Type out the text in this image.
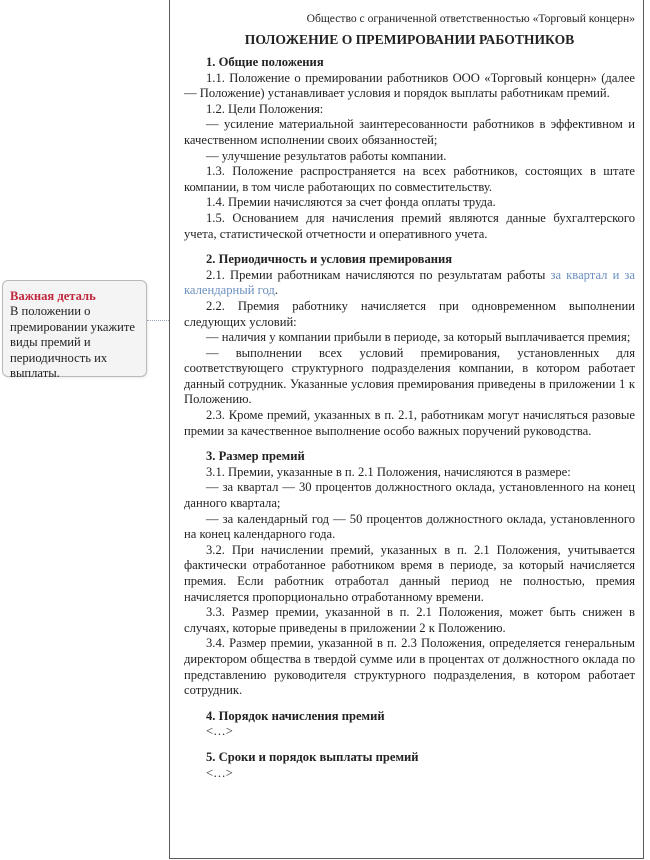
Важная деталь
В положении о премировании укажите виды премий и периодичность их выплаты.
Общество с ограниченной ответственностью «Торговый концерн»
ПОЛОЖЕНИЕ О ПРЕМИРОВАНИИ РАБОТНИКОВ
1. Общие положения

1.1. Положение о премировании работников ООО «Торговый концерн» (далее — Положение) устанавливает условия и порядок выплаты работникам премий.

1.2. Цели Положения:

— усиление материальной заинтересованности работников в эффективном и качественном исполнении своих обязанностей;

— улучшение результатов работы компании.

1.3. Положение распространяется на всех работников, состоящих в штате компании, в том числе работающих по совместительству.

1.4. Премии начисляются за счет фонда оплаты труда.

1.5. Основанием для начисления премий являются данные бухгалтерского учета, статистической отчетности и оперативного учета.

2. Периодичность и условия премирования

2.1. Премии работникам начисляются по результатам работы за квартал и за календарный год.

2.2. Премия работнику начисляется при одновременном выполнении следующих условий:

— наличия у компании прибыли в периоде, за который выплачивается премия;

— выполнении всех условий премирования, установленных для соответствующего структурного подразделения компании, в котором работает данный сотрудник. Указанные условия премирования приведены в приложении 1 к Положению.

2.3. Кроме премий, указанных в п. 2.1, работникам могут начисляться разовые премии за качественное выполнение особо важных поручений руководства.

3. Размер премий

3.1. Премии, указанные в п. 2.1 Положения, начисляются в размере:

— за квартал — 30 процентов должностного оклада, установленного на конец данного квартала;

— за календарный год — 50 процентов должностного оклада, установленного на конец календарного года.

3.2. При начислении премий, указанных в п. 2.1 Положения, учитывается фактически отработанное работником время в периоде, за который начисляется премия. Если работник отработал данный период не полностью, премия начисляется пропорционально отработанному времени.

3.3. Размер премии, указанной в п. 2.1 Положения, может быть снижен в случаях, которые приведены в приложении 2 к Положению.

3.4. Размер премии, указанной в п. 2.3 Положения, определяется генеральным директором общества в твердой сумме или в процентах от должностного оклада по представлению руководителя структурного подразделения, в котором работает сотрудник.

4. Порядок начисления премий

<…>

5. Сроки и порядок выплаты премий

<…>
